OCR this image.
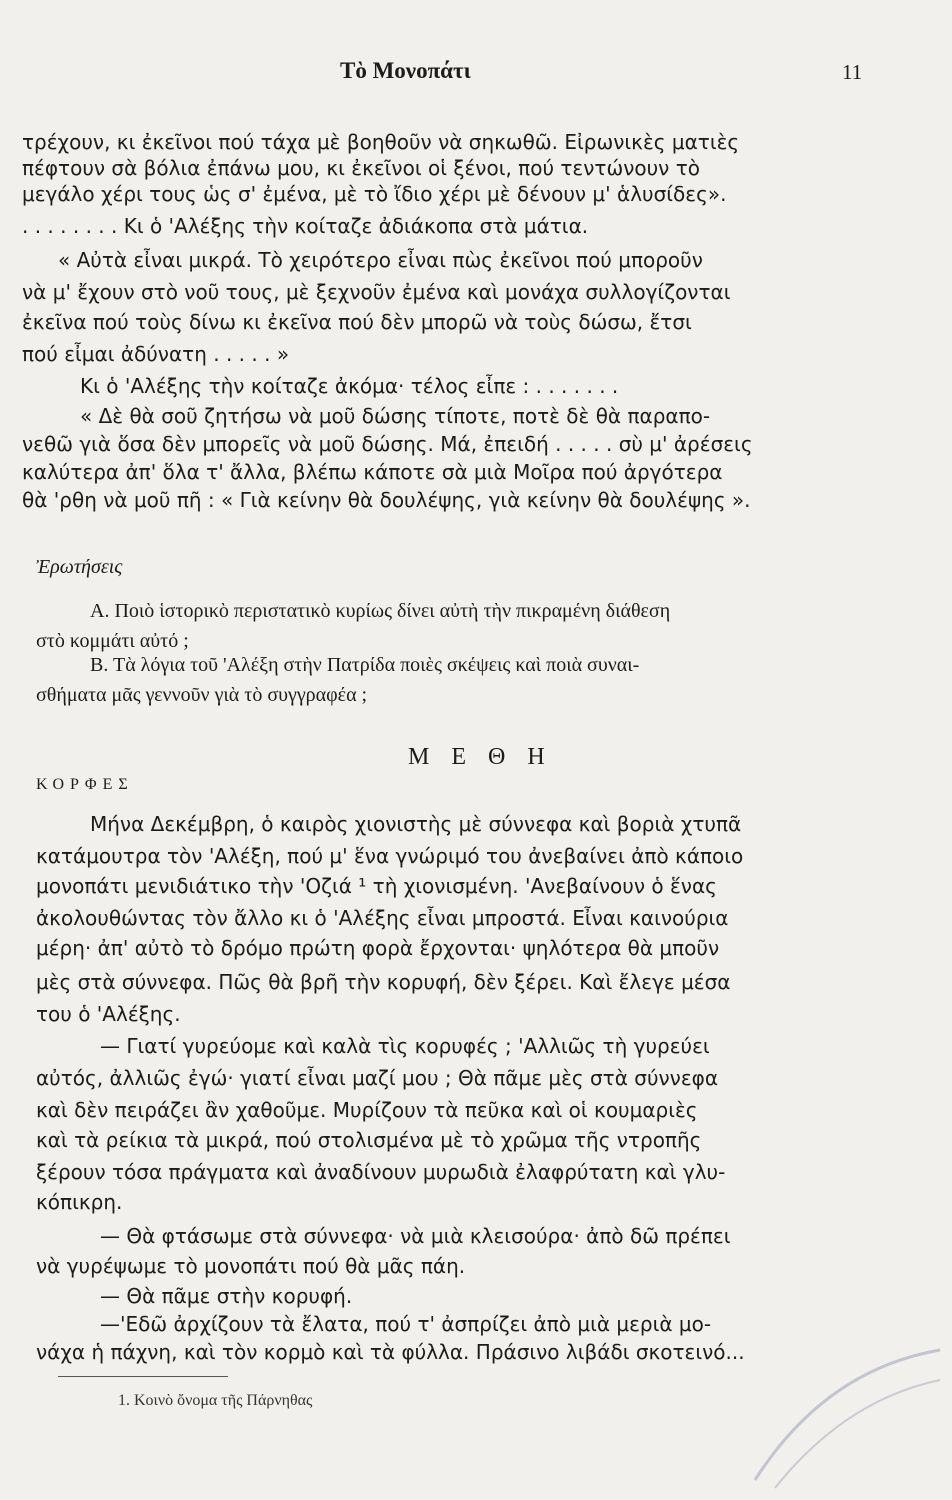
Τὸ Μονοπάτι	11
τρέχουν, κι ἐκεῖνοι πού τάχα μὲ βοηθοῦν νὰ σηκωθῶ. Εἰρωνικὲς ματιὲς
πέφτουν σὰ βόλια ἐπάνω μου, κι ἐκεῖνοι οἱ ξένοι, πού τεντώνουν τὸ
μεγάλο χέρι τους ὡς σ' ἐμένα, μὲ τὸ ἴδιο χέρι μὲ δένουν μ' ἁλυσίδες».
. . . . . . . . Κι ὁ 'Αλέξης τὴν κοίταζε ἀδιάκοπα στὰ μάτια.
« Αὐτὰ εἶναι μικρά. Τὸ χειρότερο εἶναι πὼς ἐκεῖνοι πού μποροῦν
νὰ μ' ἔχουν στὸ νοῦ τους, μὲ ξεχνοῦν ἐμένα καὶ μονάχα συλλογίζονται
ἐκεῖνα πού τοὺς δίνω κι ἐκεῖνα πού δὲν μπορῶ νὰ τοὺς δώσω, ἔτσι
πού εἶμαι ἀδύνατη . . . . . »
Κι ὁ 'Αλέξης τὴν κοίταζε ἀκόμα· τέλος εἶπε : . . . . . . .
« Δὲ θὰ σοῦ ζητήσω νὰ μοῦ δώσης τίποτε, ποτὲ δὲ θὰ παραπο-
νεθῶ γιὰ ὅσα δὲν μπορεῖς νὰ μοῦ δώσης. Μά, ἐπειδή . . . . . σὺ μ' ἀρέσεις
καλύτερα ἀπ' ὅλα τ' ἄλλα, βλέπω κάποτε σὰ μιὰ Μοῖρα πού ἀργότερα
θὰ 'ρθη νὰ μοῦ πῆ : « Γιὰ κείνην θὰ δουλέψης, γιὰ κείνην θὰ δουλέψης ».
Ἐρωτήσεις
Α. Ποιὸ ἱστορικὸ περιστατικὸ κυρίως δίνει αὐτὴ τὴν πικραμένη διάθεση
στὸ κομμάτι αὐτό ;
Β. Τὰ λόγια τοῦ 'Αλέξη στὴν Πατρίδα ποιὲς σκέψεις καὶ ποιὰ συναι-
σθήματα μᾶς γεννοῦν γιὰ τὸ συγγραφέα ;
Μ Ε Θ Η
ΚΟΡΦΕΣ
Μήνα Δεκέμβρη, ὁ καιρὸς χιονιστὴς μὲ σύννεφα καὶ βοριὰ χτυπᾶ
κατάμουτρα τὸν 'Αλέξη, πού μ' ἕνα γνώριμό του ἀνεβαίνει ἀπὸ κάποιο
μονοπάτι μενιδιάτικο τὴν 'Οζιά ¹ τὴ χιονισμένη. 'Ανεβαίνουν ὁ ἕνας
ἀκολουθώντας τὸν ἄλλο κι ὁ 'Αλέξης εἶναι μπροστά. Εἶναι καινούρια
μέρη· ἀπ' αὐτὸ τὸ δρόμο πρώτη φορὰ ἔρχονται· ψηλότερα θὰ μποῦν
μὲς στὰ σύννεφα. Πῶς θὰ βρῆ τὴν κορυφή, δὲν ξέρει. Καὶ ἔλεγε μέσα
του ὁ 'Αλέξης.
— Γιατί γυρεύομε καὶ καλὰ τὶς κορυφές ; 'Αλλιῶς τὴ γυρεύει
αὐτός, ἀλλιῶς ἐγώ· γιατί εἶναι μαζί μου ; Θὰ πᾶμε μὲς στὰ σύννεφα
καὶ δὲν πειράζει ἂν χαθοῦμε. Μυρίζουν τὰ πεῦκα καὶ οἱ κουμαριὲς
καὶ τὰ ρείκια τὰ μικρά, πού στολισμένα μὲ τὸ χρῶμα τῆς ντροπῆς
ξέρουν τόσα πράγματα καὶ ἀναδίνουν μυρωδιὰ ἐλαφρύτατη καὶ γλυ-
κόπικρη.
— Θὰ φτάσωμε στὰ σύννεφα· νὰ μιὰ κλεισούρα· ἀπὸ δῶ πρέπει
νὰ γυρέψωμε τὸ μονοπάτι πού θὰ μᾶς πάη.
— Θὰ πᾶμε στὴν κορυφή.
—'Εδῶ ἀρχίζουν τὰ ἔλατα, πού τ' ἀσπρίζει ἀπὸ μιὰ μεριὰ μο-
νάχα ἡ πάχνη, καὶ τὸν κορμὸ καὶ τὰ φύλλα. Πράσινο λιβάδι σκοτεινό...
1. Κοινὸ ὄνομα τῆς Πάρνηθας
